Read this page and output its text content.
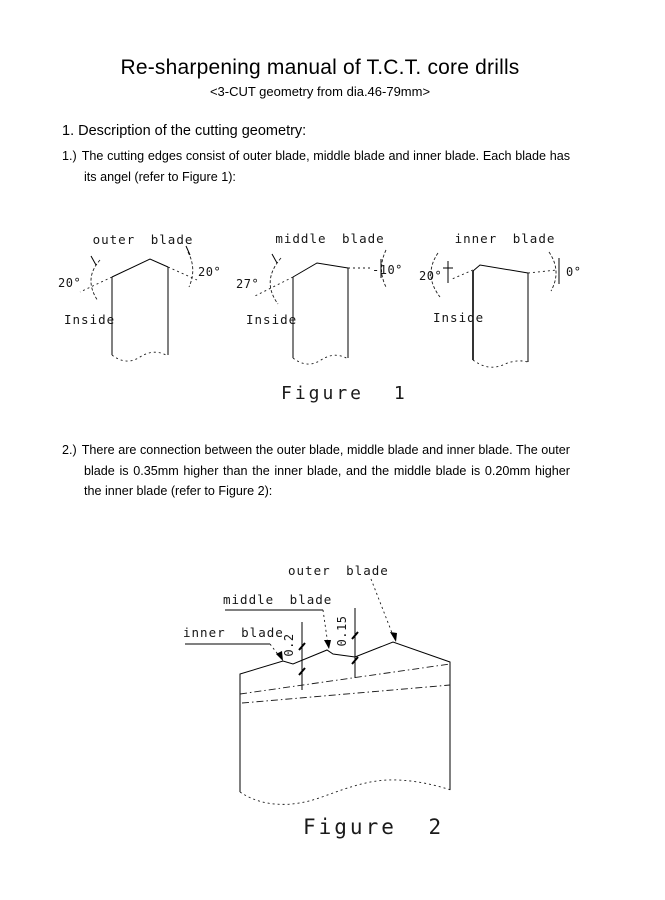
Re-sharpening manual of T.C.T. core drills
<3-CUT geometry from dia.46-79mm>
1. Description of the cutting geometry:
1.) The cutting edges consist of outer blade, middle blade and inner blade. Each blade has its angel (refer to Figure 1):
outer blade
20°
20°
Inside
middle blade
27°
-10°
Inside
inner blade
20°	0°
Inside
Figure 1
2.) There are connection between the outer blade, middle blade and inner blade. The outer blade is 0.35mm higher than the inner blade, and the middle blade is 0.20mm higher the inner blade (refer to Figure 2):
outer blade
middle blade
inner blade
0.2	0.15
Figure 2
